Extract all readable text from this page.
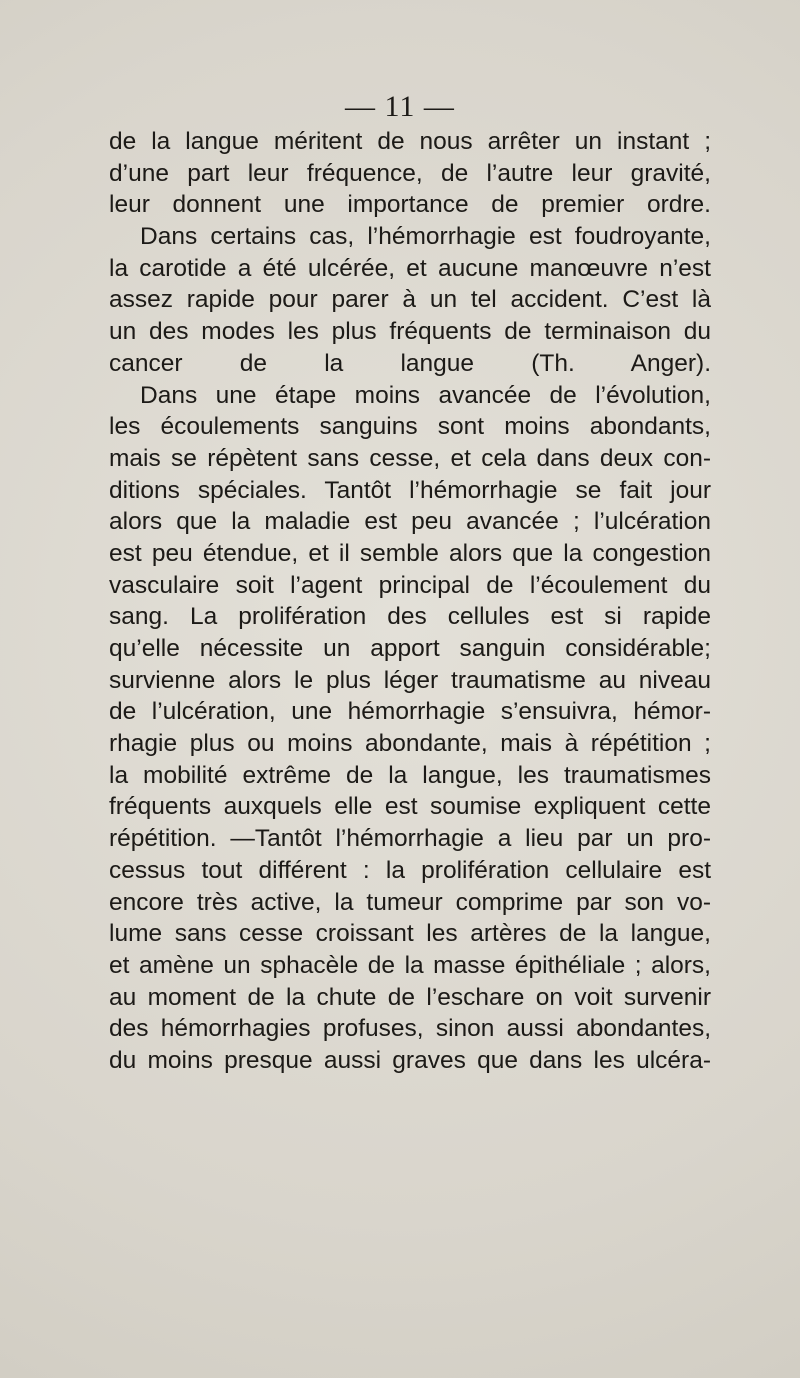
— 11 —
de la langue méritent de nous arrêter un instant ;
d’une part leur fréquence, de l’autre leur gravité,
leur donnent une importance de premier ordre.
Dans certains cas, l’hémorrhagie est foudroyante,
la carotide a été ulcérée, et aucune manœuvre n’est
assez rapide pour parer à un tel accident. C’est là
un des modes les plus fréquents de terminaison du
cancer de la langue (Th. Anger).
Dans une étape moins avancée de l’évolution,
les écoulements sanguins sont moins abondants,
mais se répètent sans cesse, et cela dans deux con-
ditions spéciales. Tantôt l’hémorrhagie se fait jour
alors que la maladie est peu avancée ; l’ulcération
est peu étendue, et il semble alors que la congestion
vasculaire soit l’agent principal de l’écoulement du
sang. La prolifération des cellules est si rapide
qu’elle nécessite un apport sanguin considérable;
survienne alors le plus léger traumatisme au niveau
de l’ulcération, une hémorrhagie s’ensuivra, hémor-
rhagie plus ou moins abondante, mais à répétition ;
la mobilité extrême de la langue, les traumatismes
fréquents auxquels elle est soumise expliquent cette
répétition. —Tantôt l’hémorrhagie a lieu par un pro-
cessus tout différent : la prolifération cellulaire est
encore très active, la tumeur comprime par son vo-
lume sans cesse croissant les artères de la langue,
et amène un sphacèle de la masse épithéliale ; alors,
au moment de la chute de l’eschare on voit survenir
des hémorrhagies profuses, sinon aussi abondantes,
du moins presque aussi graves que dans les ulcéra-
